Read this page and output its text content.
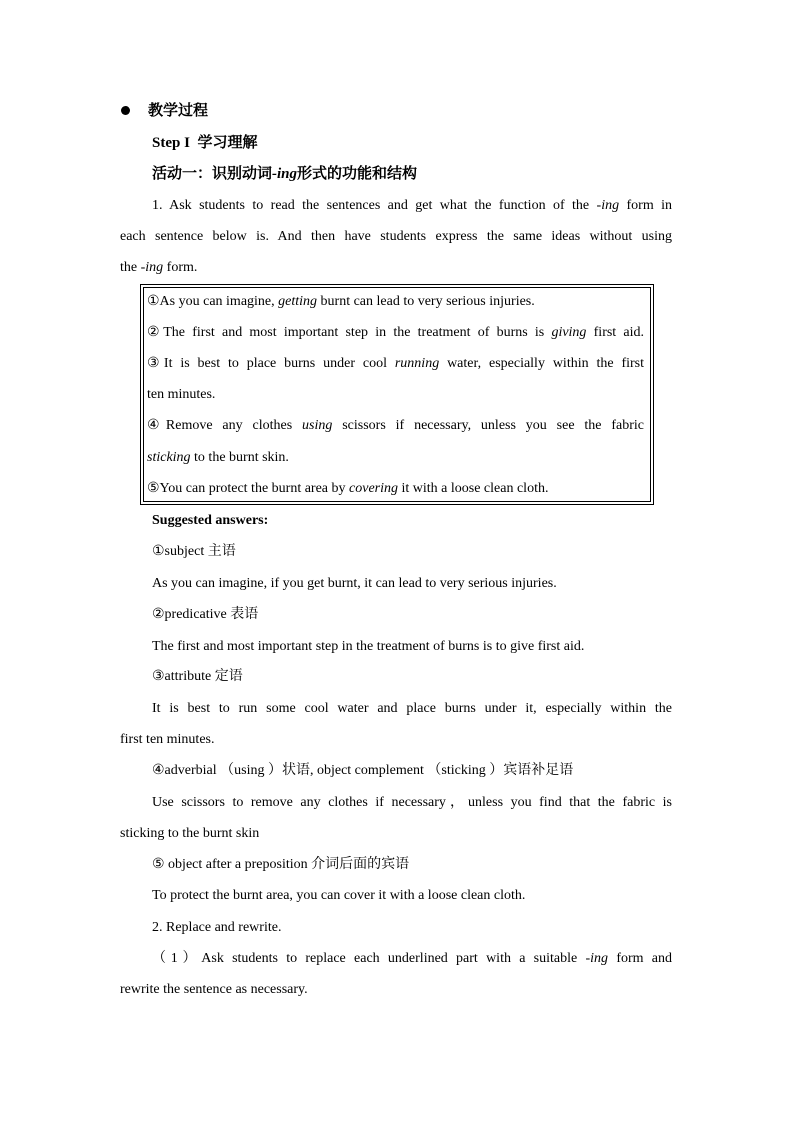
教学过程
Step I 学习理解
活动一：识别动词-ing形式的功能和结构
1. Ask students to read the sentences and get what the function of the -ing form in
each sentence below is. And then have students express the same ideas without using
the -ing form.
①As you can imagine, getting burnt can lead to very serious injuries.
②The first and most important step in the treatment of burns is giving first aid.
③It is best to place burns under cool running water, especially within the first
ten minutes.
④Remove any clothes using scissors if necessary, unless you see the fabric
sticking to the burnt skin.
⑤You can protect the burnt area by covering it with a loose clean cloth.
Suggested answers:
①subject 主语
As you can imagine, if you get burnt, it can lead to very serious injuries.
②predicative 表语
The first and most important step in the treatment of burns is to give first aid.
③attribute 定语
It is best to run some cool water and place burns under it, especially within the
first ten minutes.
④adverbial （using ）状语, object complement （sticking ）宾语补足语
Use scissors to remove any clothes if necessary，unless you find that the fabric is
sticking to the burnt skin
⑤ object after a preposition 介词后面的宾语
To protect the burnt area, you can cover it with a loose clean cloth.
2. Replace and rewrite.
（1）Ask students to replace each underlined part with a suitable -ing form and
rewrite the sentence as necessary.
